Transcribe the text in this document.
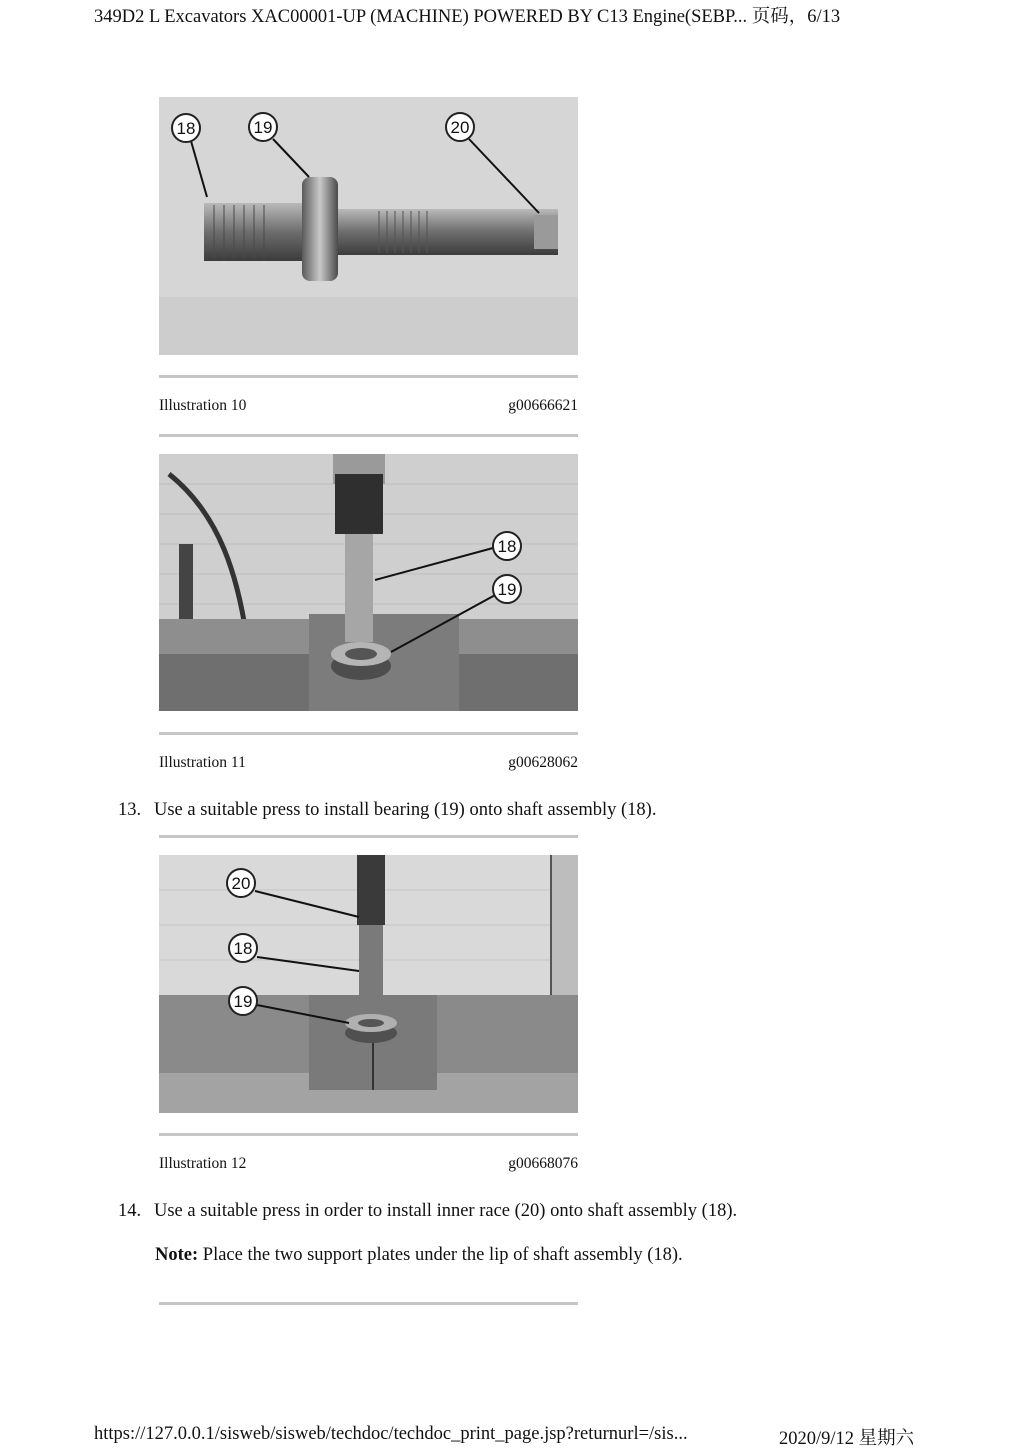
349D2 L Excavators XAC00001-UP (MACHINE) POWERED BY C13 Engine(SEBP... 页码，6/13
18	19	20
Illustration 10	g00666621
18
19
Illustration 11	g00628062
13. Use a suitable press to install bearing (19) onto shaft assembly (18).
20
18
19
Illustration 12	g00668076
14. Use a suitable press in order to install inner race (20) onto shaft assembly (18).
Note: Place the two support plates under the lip of shaft assembly (18).
https://127.0.0.1/sisweb/sisweb/techdoc/techdoc_print_page.jsp?returnurl=/sis...	2020/9/12 星期六
